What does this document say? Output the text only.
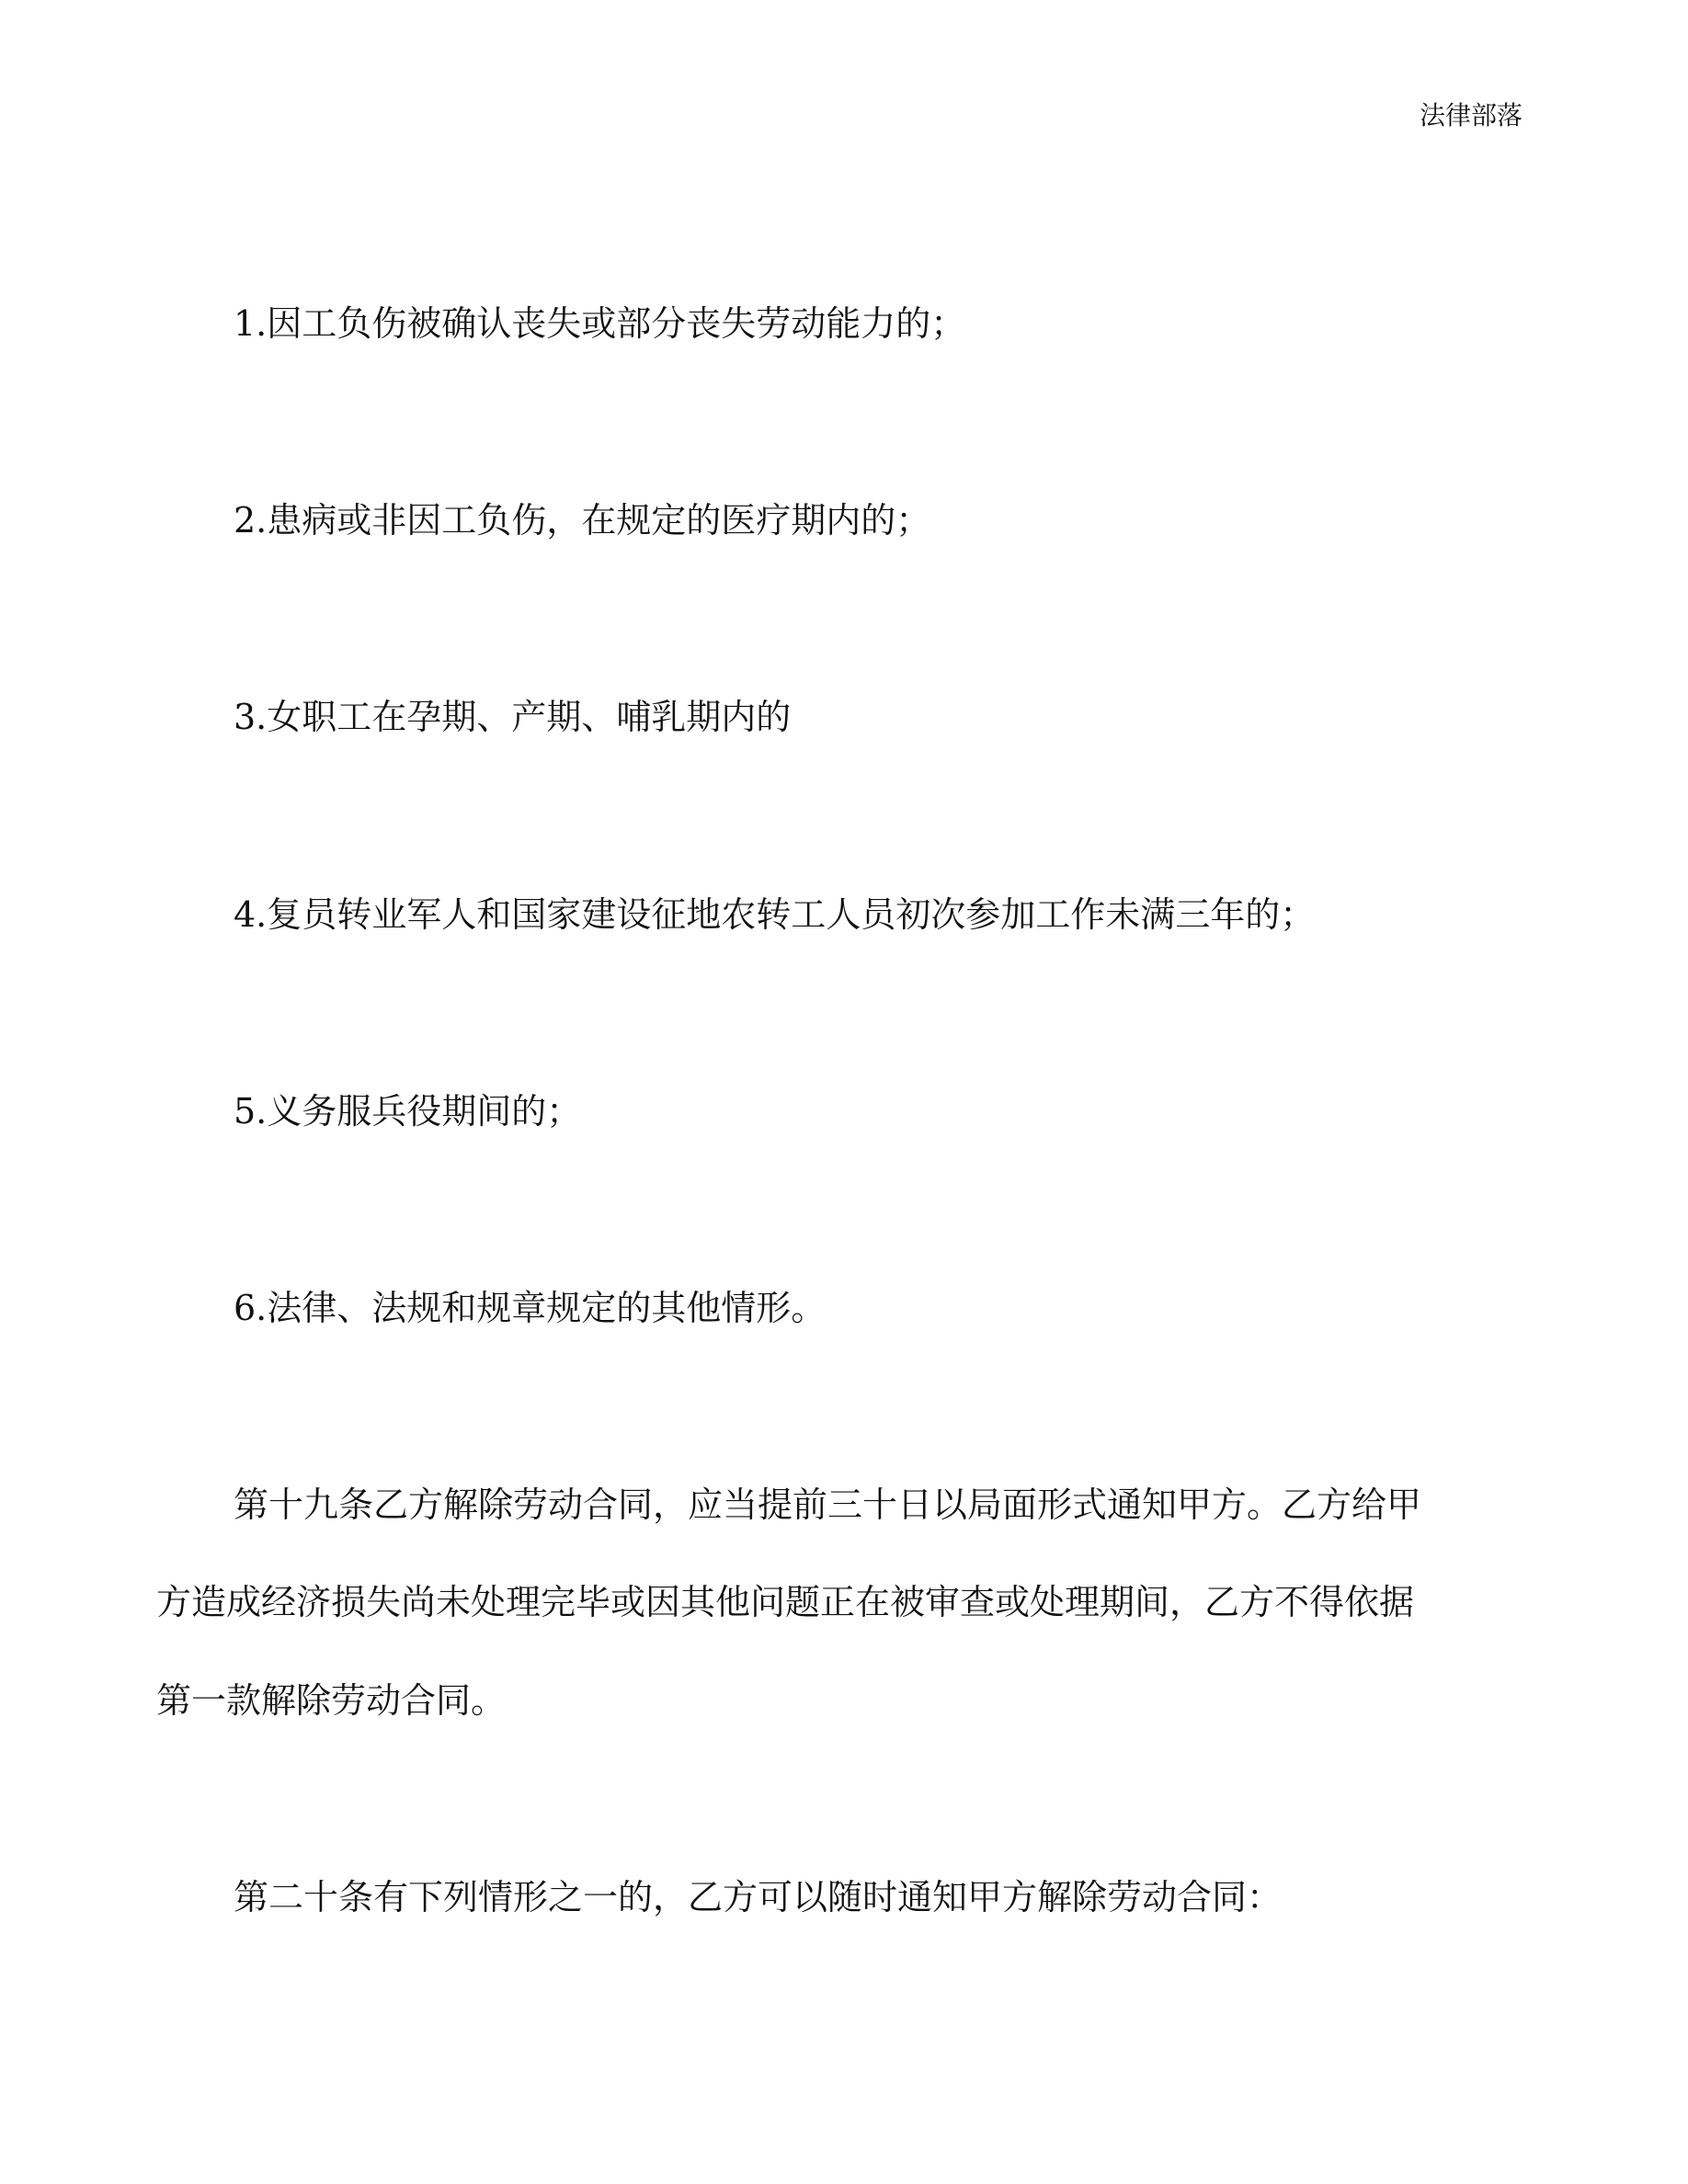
法律部落
1.因工负伤被确认丧失或部分丧失劳动能力的；
2.患病或非因工负伤，在规定的医疗期内的；
3.女职工在孕期、产期、哺乳期内的
4.复员转业军人和国家建设征地农转工人员初次参加工作未满三年的；
5.义务服兵役期间的；
6.法律、法规和规章规定的其他情形。
第十九条乙方解除劳动合同，应当提前三十日以局面形式通知甲方。乙方给甲
方造成经济损失尚未处理完毕或因其他问题正在被审查或处理期间，乙方不得依据
第一款解除劳动合同。
第二十条有下列情形之一的，乙方可以随时通知甲方解除劳动合同：
